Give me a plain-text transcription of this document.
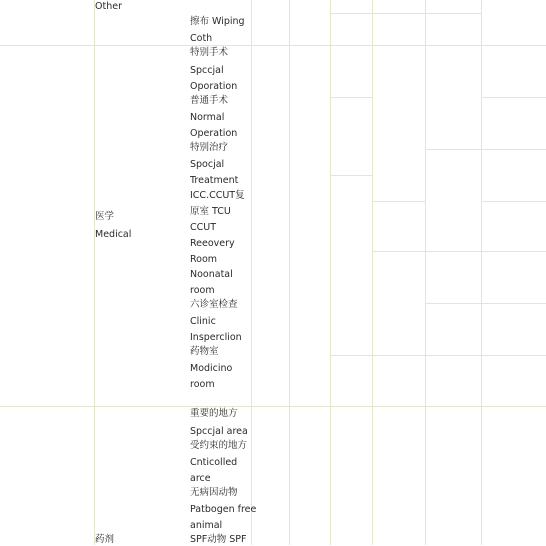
Other
擦布 Wiping
Coth
医学
Medical
特别手术
Spccjal
Oporation
普通手术
Normal
Operation
特别治疗
Spocjal
Treatment
ICC.CCUT复
原室 TCU
CCUT
Reeovery
Room
Noonatal
room
六诊室检查
Clinic
Insperclion
药物室
Modicino
room
药剂
重要的地方
Spccjal area
受约束的地方
Cnticolled
arce
无病因动物
Patbogen free
animal
SPF动物 SPF
